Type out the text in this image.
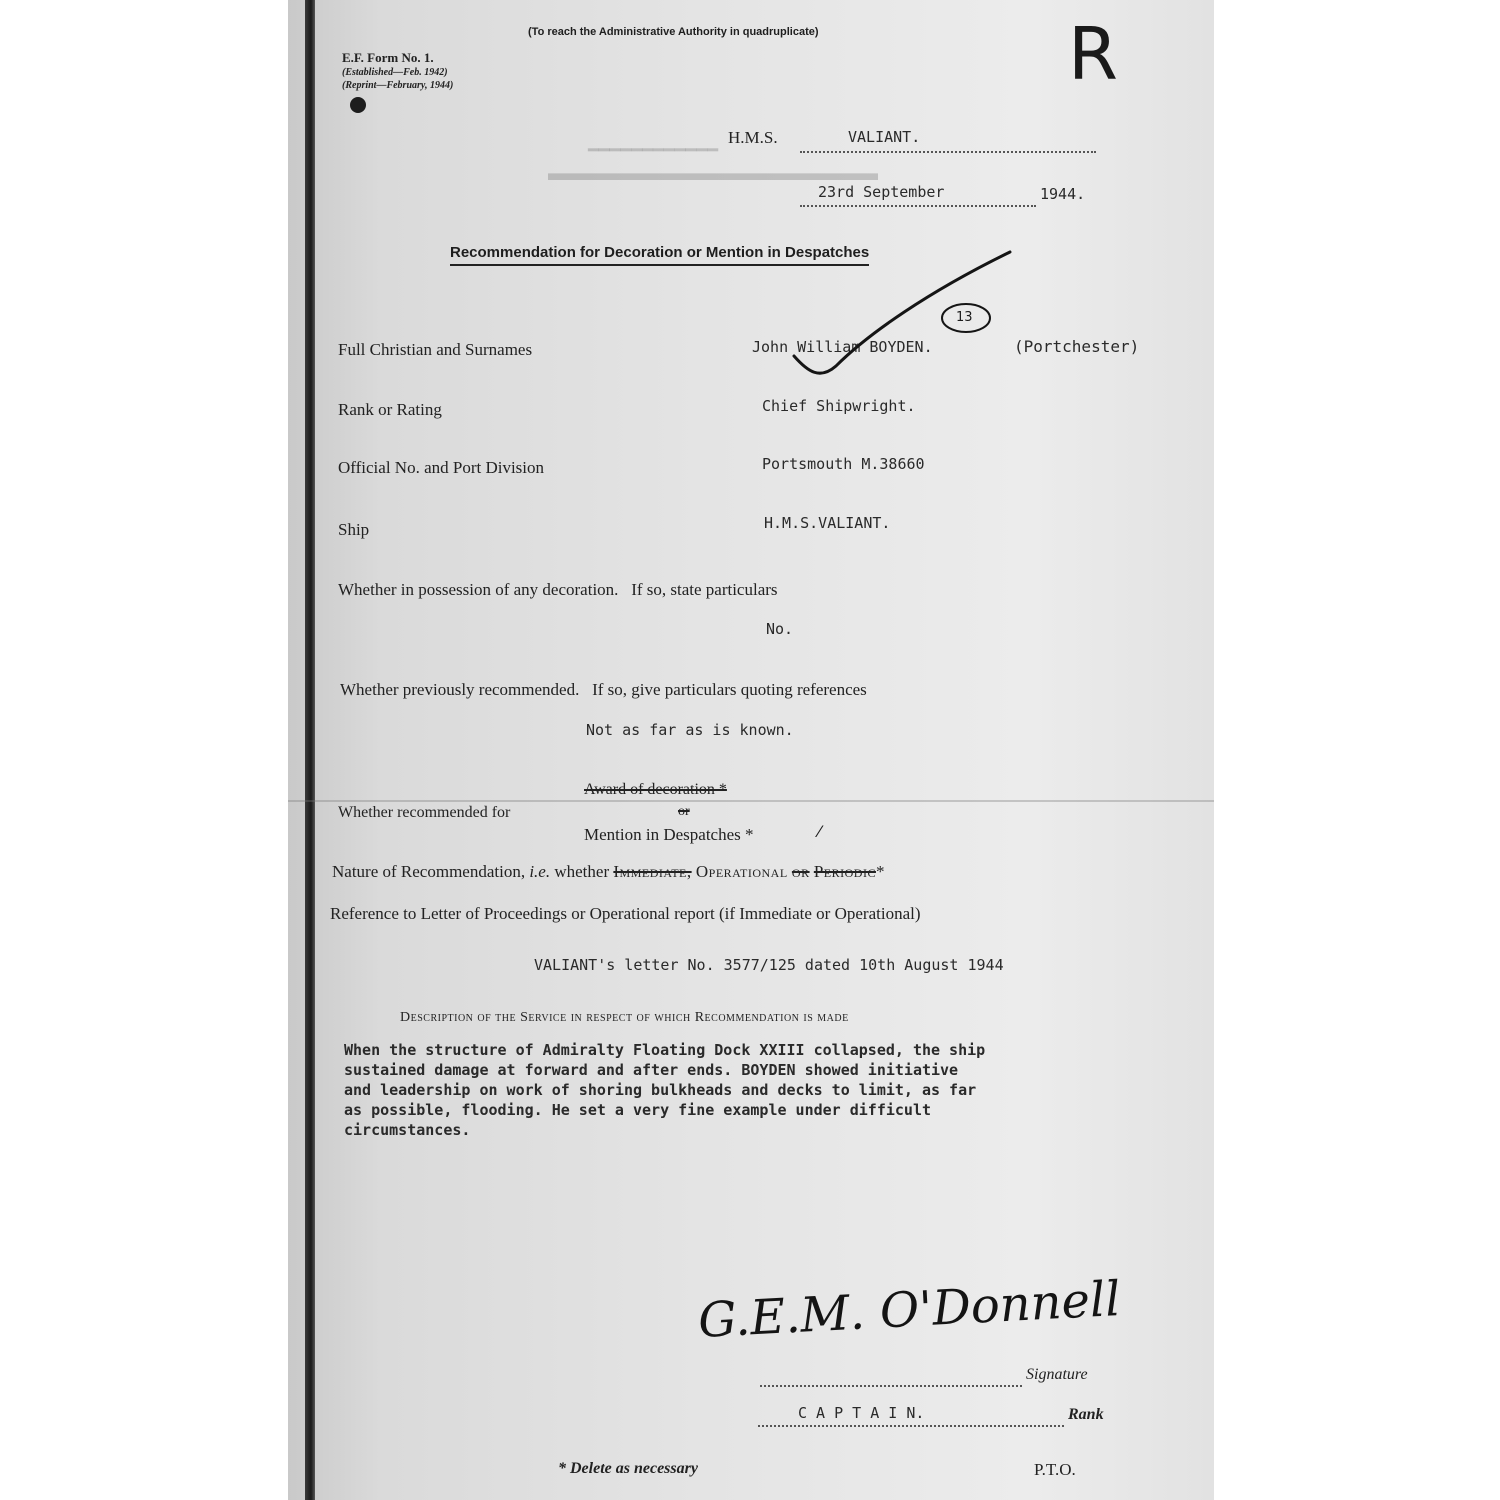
━━━━━━━━━━━━
▬▬▬▬▬▬▬▬▬▬▬▬▬▬▬
(To reach the Administrative Authority in quadruplicate)
E.F. Form No. 1.
(Established—Feb. 1942)
(Reprint—February, 1944)	R
H.M.S.	VALIANT.
23rd September	1944.
Recommendation for Decoration or Mention in Despatches
Full Christian and Surnames	John William BOYDEN.	(Portchester)
13
Rank or Rating	Chief Shipwright.
Official No. and Port Division	Portsmouth M.38660
Ship	H.M.S.VALIANT.
Whether in possession of any decoration. If so, state particulars
No.
Whether previously recommended. If so, give particulars quoting references
Not as far as is known.
Whether recommended for
Award of decoration *
or
Mention in Despatches *	⁄
Nature of Recommendation, i.e. whether Immediate, Operational or Periodic*
Reference to Letter of Proceedings or Operational report (if Immediate or Operational)
VALIANT's letter No. 3577/125 dated 10th August 1944
Description of the Service in respect of which Recommendation is made
When the structure of Admiralty Floating Dock XXIII collapsed, the ship
sustained damage at forward and after ends. BOYDEN showed initiative
and leadership on work of shoring bulkheads and decks to limit, as far
as possible, flooding. He set a very fine example under difficult
circumstances.
G.E.M. O'Donnell
Signature
C A P T A I N.	Rank
* Delete as necessary	P.T.O.
